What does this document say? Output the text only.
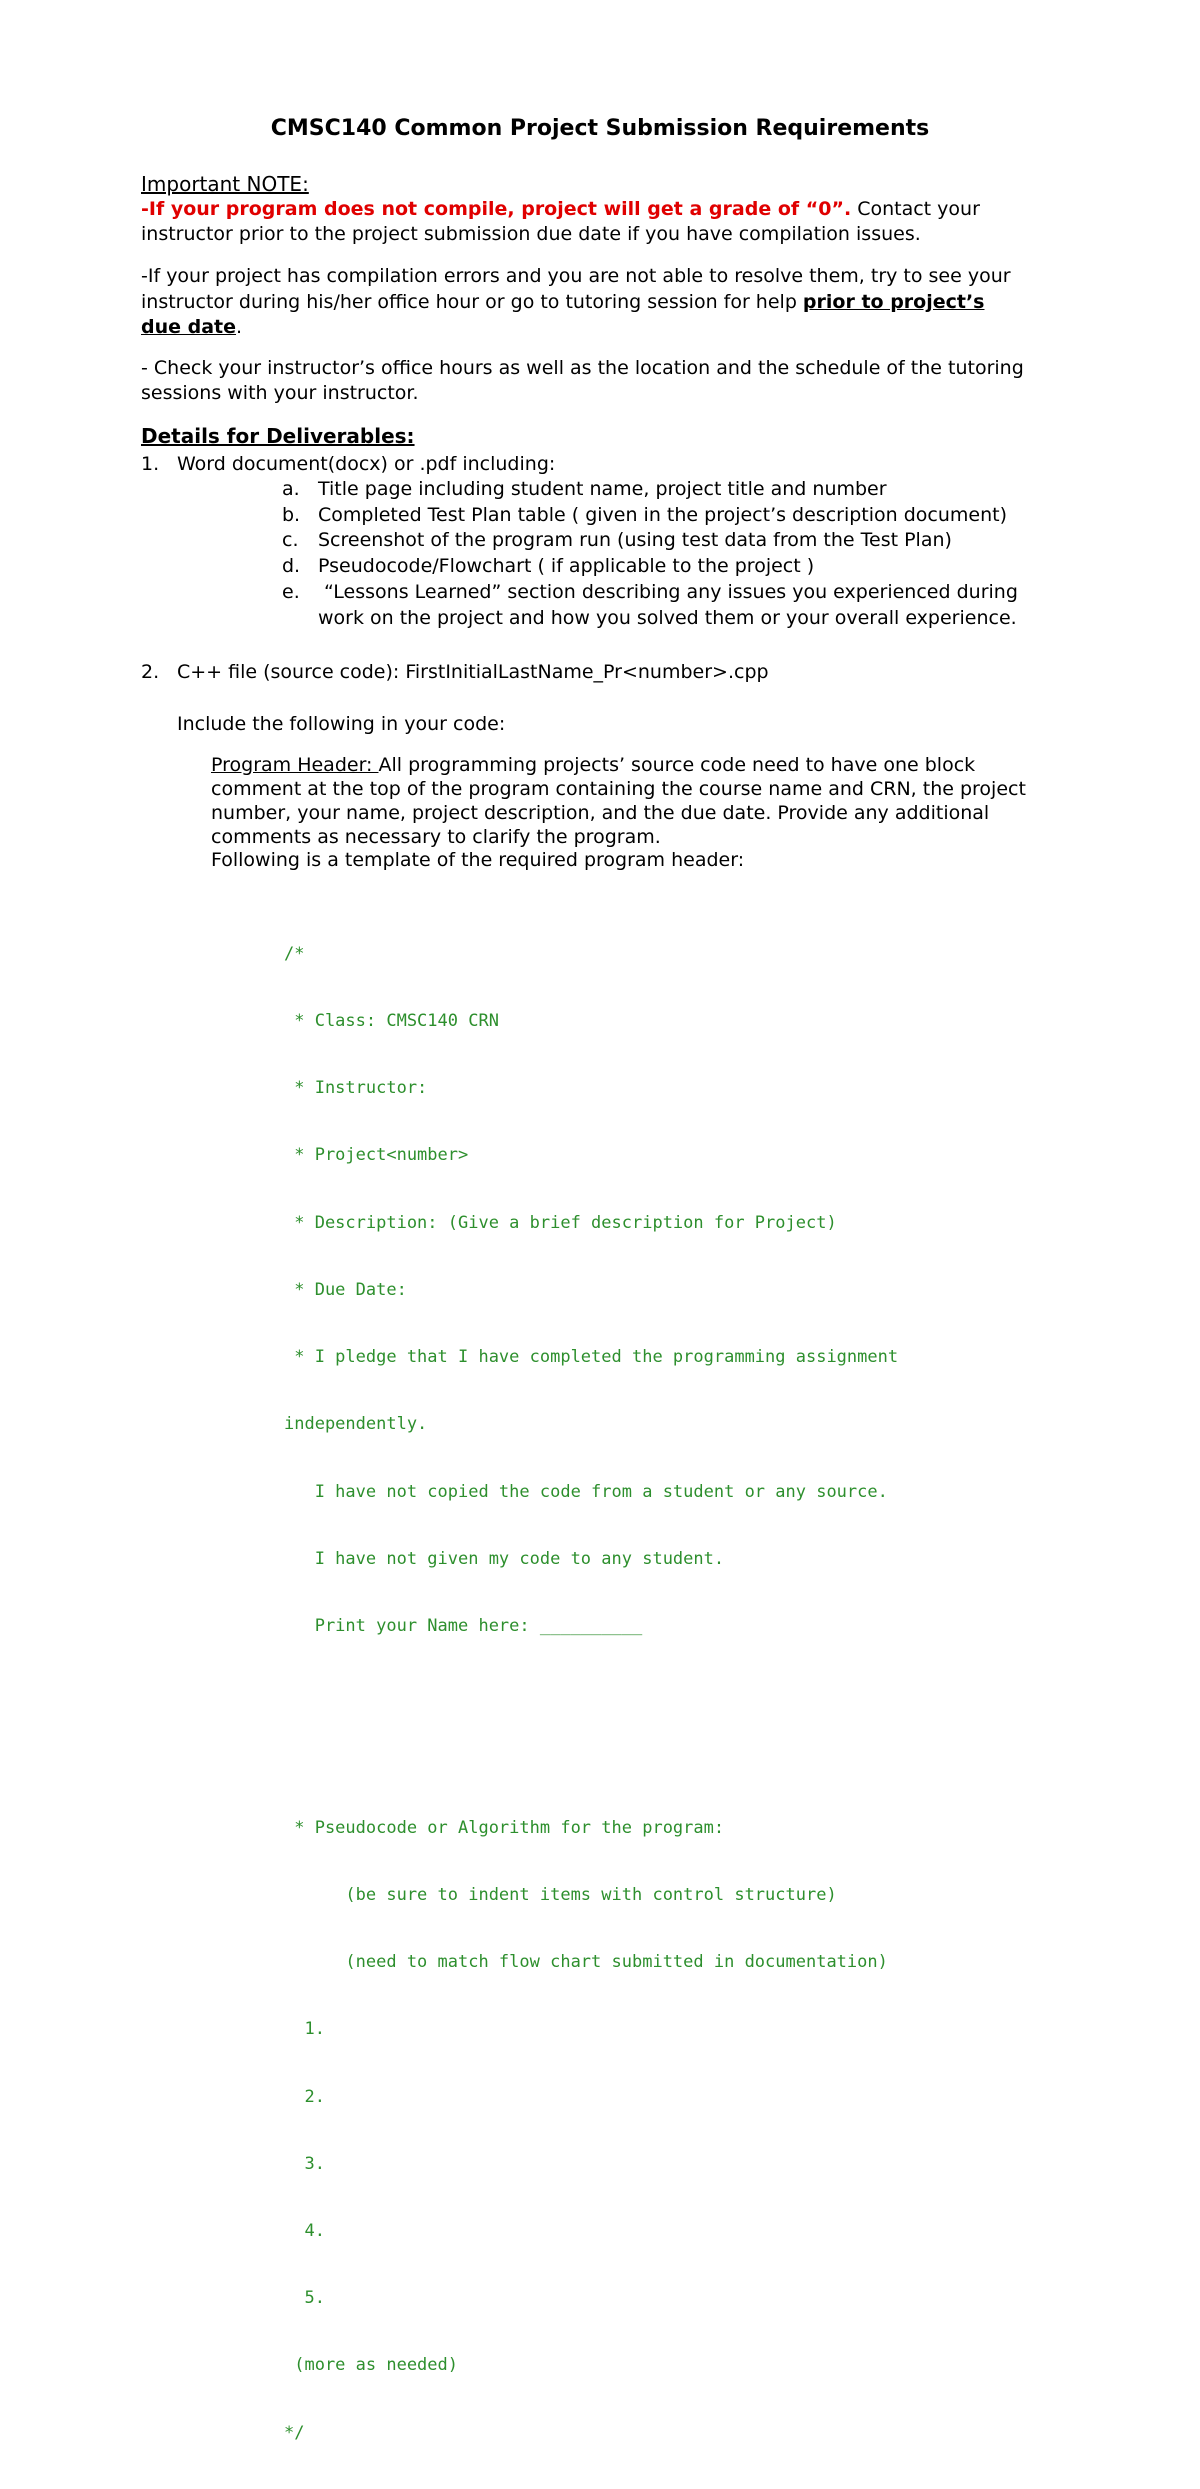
CMSC140 Common Project Submission Requirements
Important NOTE:
-If your program does not compile, project will get a grade of “0”. Contact your
instructor prior to the project submission due date if you have compilation issues.
-If your project has compilation errors and you are not able to resolve them, try to see your
instructor during his/her office hour or go to tutoring session for help prior to project’s
due date.
- Check your instructor’s office hours as well as the location and the schedule of the tutoring
sessions with your instructor.
Details for Deliverables:
1. Word document(docx) or .pdf including:
a. Title page including student name, project title and number
b. Completed Test Plan table ( given in the project’s description document)
c. Screenshot of the program run (using test data from the Test Plan)
d. Pseudocode/Flowchart ( if applicable to the project )
e. “Lessons Learned” section describing any issues you experienced during
work on the project and how you solved them or your overall experience.
2. C++ file (source code): FirstInitialLastName_Pr<number>.cpp
Include the following in your code:
Program Header: All programming projects’ source code need to have one block
comment at the top of the program containing the course name and CRN, the project
number, your name, project description, and the due date. Provide any additional
comments as necessary to clarify the program.
Following is a template of the required program header:

/*

* Class: CMSC140 CRN

* Instructor:

* Project<number>

* Description: (Give a brief description for Project)

* Due Date:

* I pledge that I have completed the programming assignment

independently.

I have not copied the code from a student or any source.

I have not given my code to any student.

Print your Name here: __________

* Pseudocode or Algorithm for the program:

(be sure to indent items with control structure)

(need to match flow chart submitted in documentation)

1.

2.

3.

4.

5.

(more as needed)

*/
